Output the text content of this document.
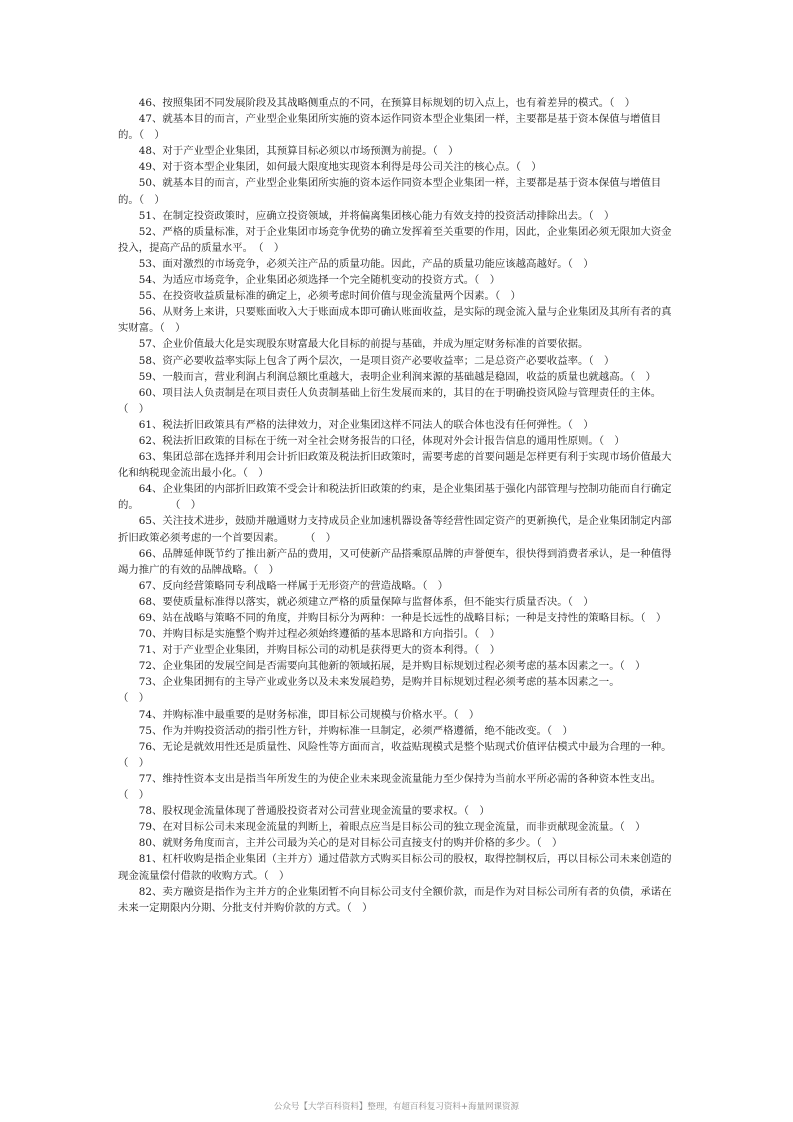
46、按照集团不同发展阶段及其战略侧重点的不同，在预算目标规划的切入点上，也有着差异的模式。（　）

47、就基本目的而言，产业型企业集团所实施的资本运作同资本型企业集团一样，主要都是基于资本保值与增值目的。（　）

48、对于产业型企业集团，其预算目标必须以市场预测为前提。（　）

49、对于资本型企业集团，如何最大限度地实现资本利得是母公司关注的核心点。（　）

50、就基本目的而言，产业型企业集团所实施的资本运作同资本型企业集团一样，主要都是基于资本保值与增值目的。（　）

51、在制定投资政策时，应确立投资领域，并将偏离集团核心能力有效支持的投资活动排除出去。（　）

52、严格的质量标准，对于企业集团市场竞争优势的确立发挥着至关重要的作用，因此，企业集团必须无限加大资金投入，提高产品的质量水平。　（　）

53、面对激烈的市场竞争，必须关注产品的质量功能。因此，产品的质量功能应该越高越好。（　）

54、为适应市场竞争，企业集团必须选择一个完全随机变动的投资方式。（　）

55、在投资收益质量标准的确定上，必须考虑时间价值与现金流量两个因素。（　）

56、从财务上来讲，只要账面收入大于账面成本即可确认账面收益，是实际的现金流入量与企业集团及其所有者的真实财富。（　）

57、企业价值最大化是实现股东财富最大化目标的前提与基础，并成为厘定财务标准的首要依据。

58、资产必要收益率实际上包含了两个层次，一是项目资产必要收益率；二是总资产必要收益率。（　）

59、一般而言，营业利润占利润总额比重越大，表明企业利润来源的基础越是稳固，收益的质量也就越高。（　）

60、项目法人负责制是在项目责任人负责制基础上衍生发展而来的，其目的在于明确投资风险与管理责任的主体。（　）

61、税法折旧政策具有严格的法律效力，对企业集团这样不同法人的联合体也没有任何弹性。（　）

62、税法折旧政策的目标在于统一对全社会财务报告的口径，体现对外会计报告信息的通用性原则。（　）

63、集团总部在选择并利用会计折旧政策及税法折旧政策时，需要考虑的首要问题是怎样更有利于实现市场价值最大化和纳税现金流出最小化。（　）

64、企业集团的内部折旧政策不受会计和税法折旧政策的约束，是企业集团基于强化内部管理与控制功能而自行确定的。　　　　（　）

65、关注技术进步，鼓励并融通财力支持成员企业加速机器设备等经营性固定资产的更新换代，是企业集团制定内部折旧政策必须考虑的一个首要因素。　　　（　）

66、品牌延伸既节约了推出新产品的费用，又可使新产品搭乘原品牌的声誉便车，很快得到消费者承认，是一种值得竭力推广的有效的品牌战略。（　）

67、反向经营策略同专利战略一样属于无形资产的营造战略。（　）

68、要使质量标准得以落实，就必须建立严格的质量保障与监督体系，但不能实行质量否决。（　）

69、站在战略与策略不同的角度，并购目标分为两种：一种是长远性的战略目标；一种是支持性的策略目标。（　）

70、并购目标是实施整个购并过程必须始终遵循的基本思路和方向指引。（　）

71、对于产业型企业集团，并购目标公司的动机是获得更大的资本利得。（　）

72、企业集团的发展空间是否需要向其他新的领域拓展，是并购目标规划过程必须考虑的基本因素之一。（　）

73、企业集团拥有的主导产业或业务以及未来发展趋势，是购并目标规划过程必须考虑的基本因素之一。　　　　　　　　　　　　　　　（　）

74、并购标准中最重要的是财务标准，即目标公司规模与价格水平。（　）

75、作为并购投资活动的指引性方针，并购标准一旦制定，必须严格遵循，绝不能改变。（　）

76、无论是就效用性还是质量性、风险性等方面而言，收益贴现模式是整个贴现式价值评估模式中最为合理的一种。（　）

77、维持性资本支出是指当年所发生的为使企业未来现金流量能力至少保持为当前水平所必需的各种资本性支出。（　）

78、股权现金流量体现了普通股投资者对公司营业现金流量的要求权。（　）

79、在对目标公司未来现金流量的判断上，着眼点应当是目标公司的独立现金流量，而非贡献现金流量。（　）

80、就财务角度而言，主并公司最为关心的是对目标公司直接支付的购并价格的多少。（　）

81、杠杆收购是指企业集团（主并方）通过借款方式购买目标公司的股权，取得控制权后，再以目标公司未来创造的现金流量偿付借款的收购方式。（　）

82、卖方融资是指作为主并方的企业集团暂不向目标公司支付全额价款，而是作为对目标公司所有者的负债，承诺在未来一定期限内分期、分批支付并购价款的方式。（　）

公众号【大学百科资料】整理，有超百科复习资料+海量网课资源
